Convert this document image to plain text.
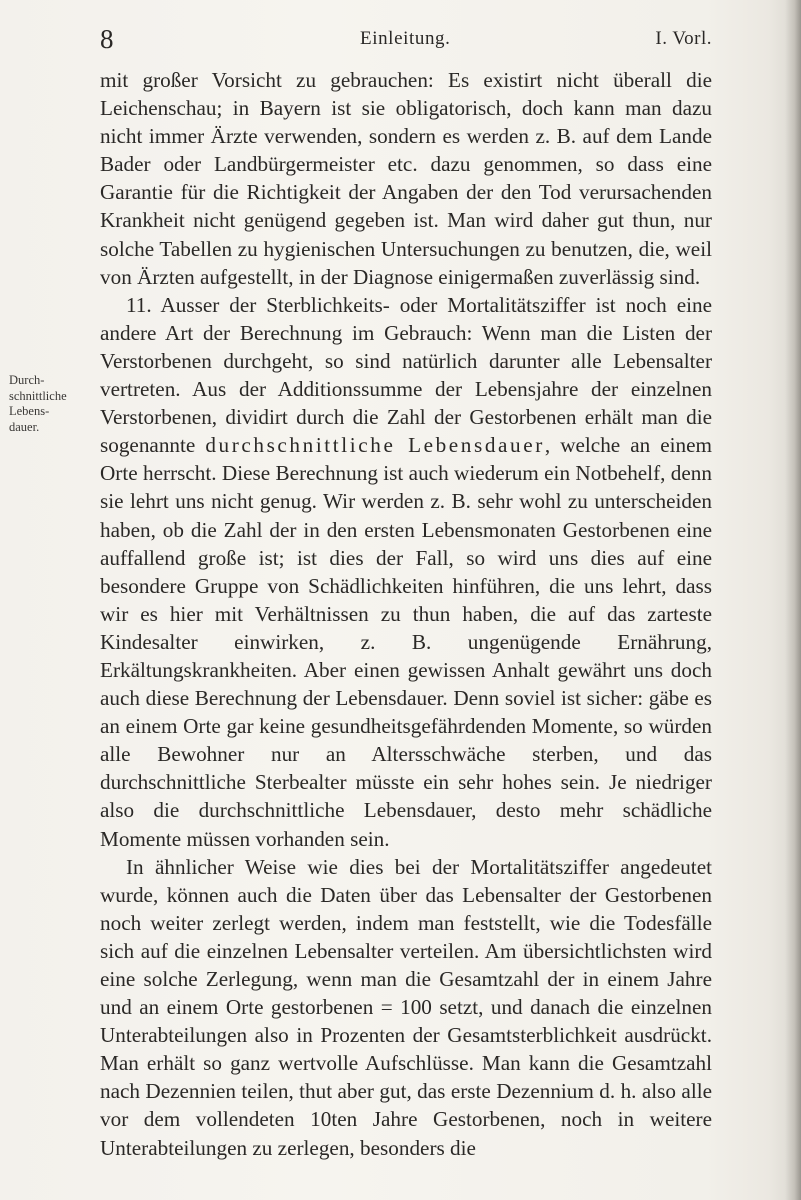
8	Einleitung.	I. Vorl.
Durch-
schnittliche
Lebens-
dauer.

mit großer Vorsicht zu gebrauchen: Es existirt nicht überall die Leichenschau; in Bayern ist sie obligatorisch, doch kann man dazu nicht immer Ärzte verwenden, sondern es werden z. B. auf dem Lande Bader oder Landbürgermeister etc. dazu genommen, so dass eine Garantie für die Richtigkeit der Angaben der den Tod verursachenden Krankheit nicht genügend gegeben ist. Man wird daher gut thun, nur solche Tabellen zu hygienischen Untersuchungen zu benutzen, die, weil von Ärzten aufgestellt, in der Diagnose einigermaßen zuverlässig sind.

11. Ausser der Sterblichkeits- oder Mortalitätsziffer ist noch eine andere Art der Berechnung im Gebrauch: Wenn man die Listen der Verstorbenen durchgeht, so sind natürlich darunter alle Lebensalter vertreten. Aus der Additionssumme der Lebensjahre der einzelnen Verstorbenen, dividirt durch die Zahl der Gestorbenen erhält man die sogenannte durchschnittliche Lebensdauer, welche an einem Orte herrscht. Diese Berechnung ist auch wiederum ein Notbehelf, denn sie lehrt uns nicht genug. Wir werden z. B. sehr wohl zu unterscheiden haben, ob die Zahl der in den ersten Lebensmonaten Gestorbenen eine auffallend große ist; ist dies der Fall, so wird uns dies auf eine besondere Gruppe von Schädlichkeiten hinführen, die uns lehrt, dass wir es hier mit Verhältnissen zu thun haben, die auf das zarteste Kindesalter einwirken, z. B. ungenügende Ernährung, Erkältungskrankheiten. Aber einen gewissen Anhalt gewährt uns doch auch diese Berechnung der Lebensdauer. Denn soviel ist sicher: gäbe es an einem Orte gar keine gesundheitsgefährdenden Momente, so würden alle Bewohner nur an Altersschwäche sterben, und das durchschnittliche Sterbealter müsste ein sehr hohes sein. Je niedriger also die durchschnittliche Lebensdauer, desto mehr schädliche Momente müssen vorhanden sein.

In ähnlicher Weise wie dies bei der Mortalitätsziffer angedeutet wurde, können auch die Daten über das Lebensalter der Gestorbenen noch weiter zerlegt werden, indem man feststellt, wie die Todesfälle sich auf die einzelnen Lebensalter verteilen. Am übersichtlichsten wird eine solche Zerlegung, wenn man die Gesamtzahl der in einem Jahre und an einem Orte gestorbenen = 100 setzt, und danach die einzelnen Unterabteilungen also in Prozenten der Gesamtsterblichkeit ausdrückt. Man erhält so ganz wertvolle Aufschlüsse. Man kann die Gesamtzahl nach Dezennien teilen, thut aber gut, das erste Dezennium d. h. also alle vor dem vollendeten 10ten Jahre Gestorbenen, noch in weitere Unterabteilungen zu zerlegen, besonders die
